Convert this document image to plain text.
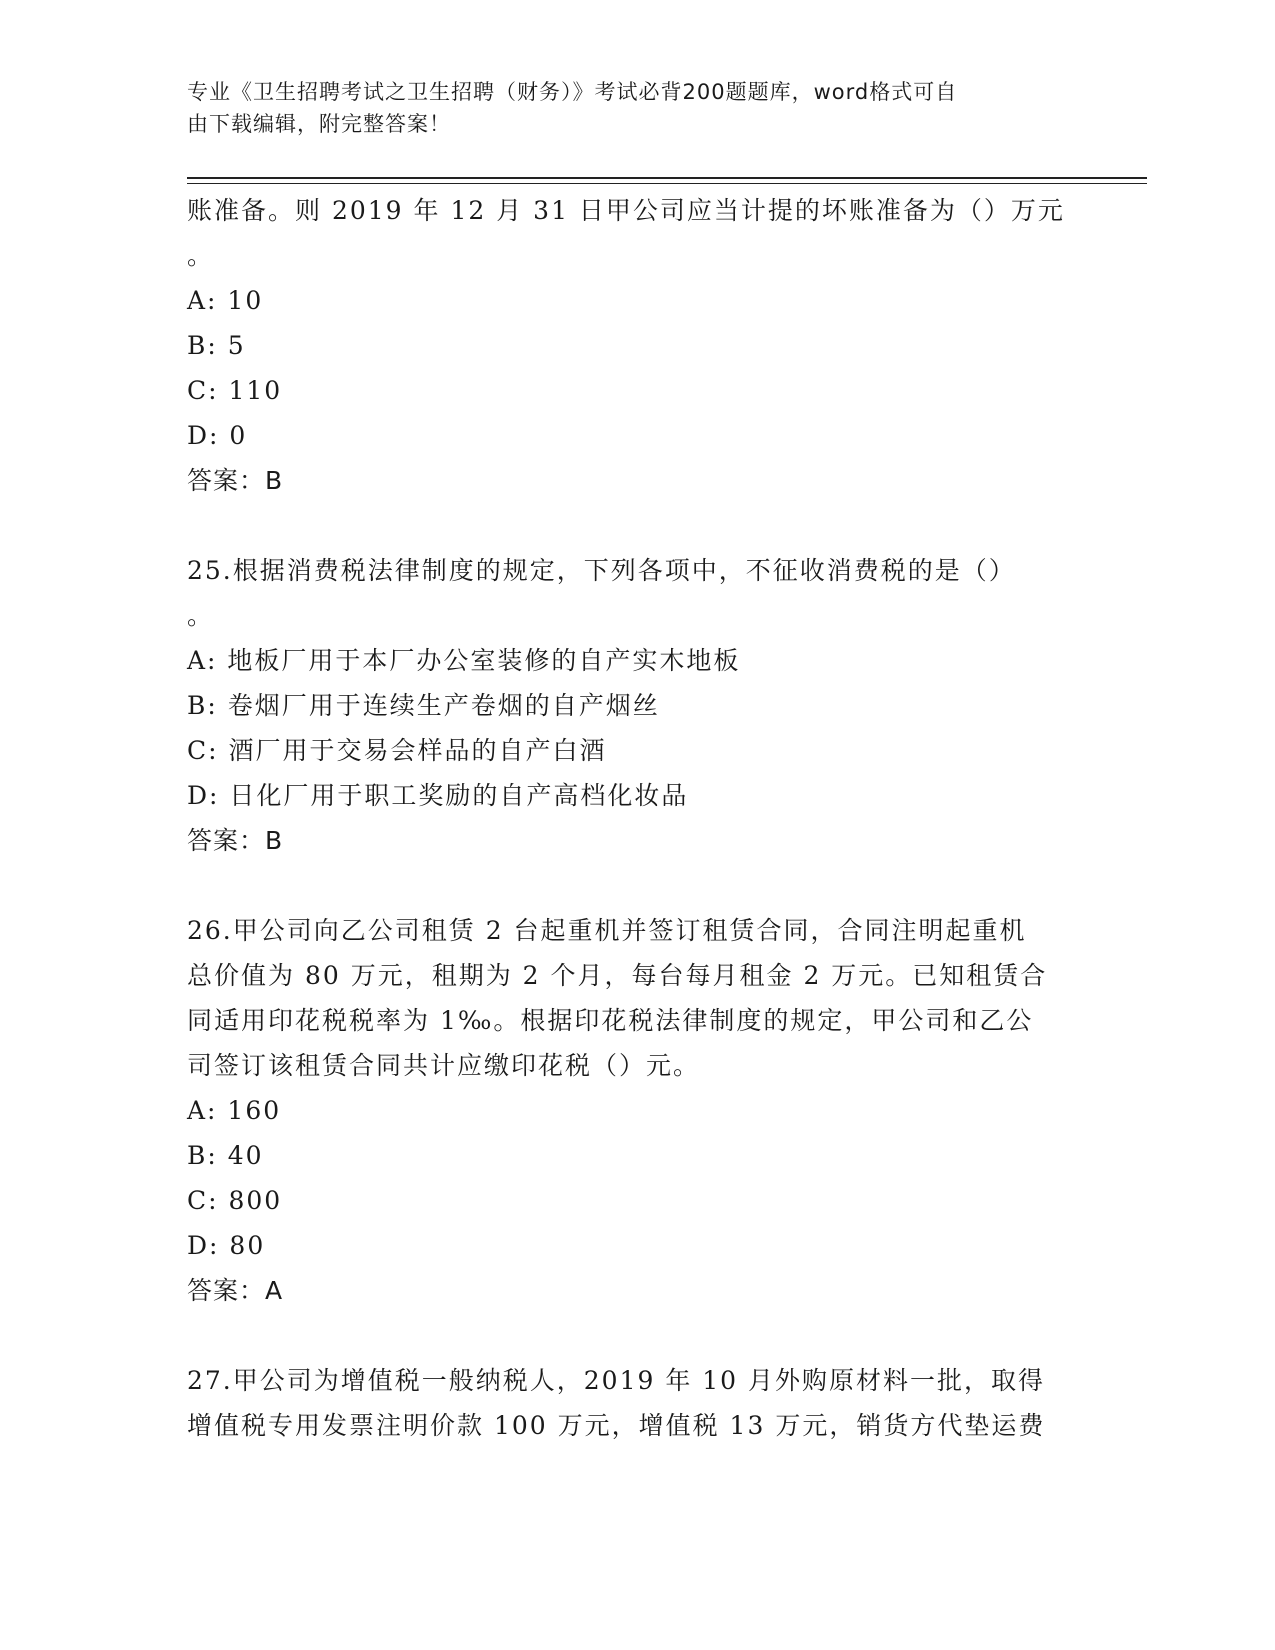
专业《卫生招聘考试之卫生招聘（财务）》考试必背200题题库，word格式可自
由下载编辑，附完整答案！
账准备。则 2019 年 12 月 31 日甲公司应当计提的坏账准备为（）万元
。
A: 10
B: 5
C: 110
D: 0
答案：B
25.根据消费税法律制度的规定，下列各项中，不征收消费税的是（）
。
A: 地板厂用于本厂办公室装修的自产实木地板
B: 卷烟厂用于连续生产卷烟的自产烟丝
C: 酒厂用于交易会样品的自产白酒
D: 日化厂用于职工奖励的自产高档化妆品
答案：B
26.甲公司向乙公司租赁 2 台起重机并签订租赁合同，合同注明起重机
总价值为 80 万元，租期为 2 个月，每台每月租金 2 万元。已知租赁合
同适用印花税税率为 1‰。根据印花税法律制度的规定，甲公司和乙公
司签订该租赁合同共计应缴印花税（）元。
A: 160
B: 40
C: 800
D: 80
答案：A
27.甲公司为增值税一般纳税人，2019 年 10 月外购原材料一批，取得
增值税专用发票注明价款 100 万元，增值税 13 万元，销货方代垫运费
